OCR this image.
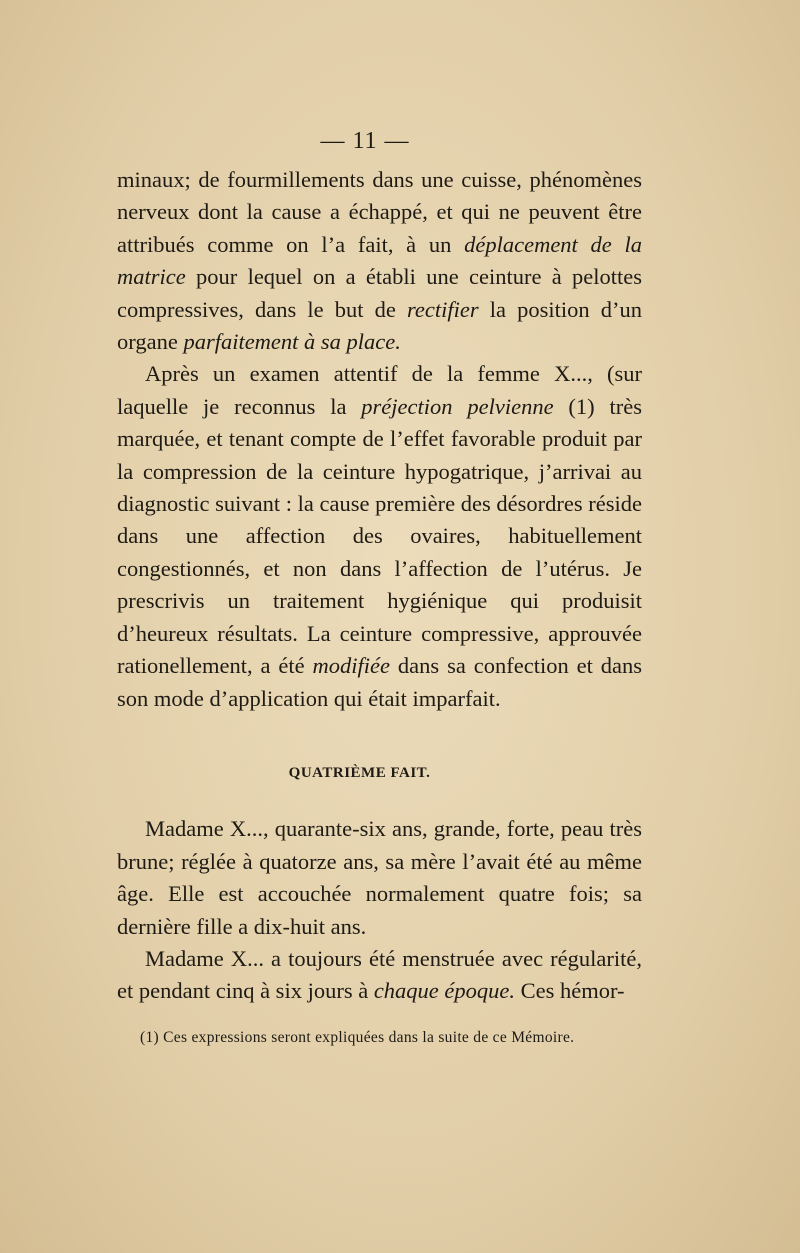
— 11 —

minaux; de fourmillements dans une cuisse, phénomènes nerveux dont la cause a échappé, et qui ne peuvent être attribués comme on l’a fait, à un déplacement de la matrice pour lequel on a établi une ceinture à pelottes compressives, dans le but de rectifier la position d’un organe parfaitement à sa place.

Après un examen attentif de la femme X..., (sur laquelle je reconnus la préjection pelvienne (1) très marquée, et tenant compte de l’effet favorable produit par la compression de la ceinture hypogatrique, j’arrivai au diagnostic suivant : la cause première des désordres réside dans une affection des ovaires, habituellement congestionnés, et non dans l’affection de l’utérus. Je prescrivis un traitement hygiénique qui produisit d’heureux résultats. La ceinture compressive, approuvée rationellement, a été modifiée dans sa confection et dans son mode d’application qui était imparfait.

QUATRIÈME FAIT.

Madame X..., quarante-six ans, grande, forte, peau très brune; réglée à quatorze ans, sa mère l’avait été au même âge. Elle est accouchée normalement quatre fois; sa dernière fille a dix-huit ans.

Madame X... a toujours été menstruée avec régularité, et pendant cinq à six jours à chaque époque. Ces hémor-

(1) Ces expressions seront expliquées dans la suite de ce Mémoire.
